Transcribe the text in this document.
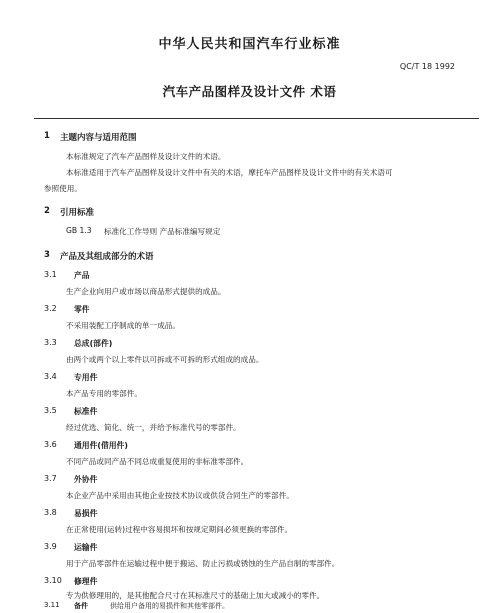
中华人民共和国汽车行业标准
QC/T 18 1992
汽车产品图样及设计文件 术语
1 主题内容与适用范围
本标准规定了汽车产品图样及设计文件的术语。
本标准适用于汽车产品图样及设计文件中有关的术语，摩托车产品图样及设计文件中的有关术语可
参照使用。
2 引用标准
GB 1.3 标准化工作导则 产品标准编写规定
3 产品及其组成部分的术语
3.1 产品
生产企业向用户或市场以商品形式提供的成品。
3.2 零件
不采用装配工序制成的单一成品。
3.3 总成(部件)
由两个或两个以上零件以可拆或不可拆的形式组成的成品。
3.4 专用件
本产品专用的零部件。
3.5 标准件
经过优选、简化、统一，并给予标准代号的零部件。
3.6 通用件(借用件)
不同产品或同产品不同总成重复使用的非标准零部件。
3.7 外协件
本企业产品中采用由其他企业按技术协议或供货合同生产的零部件。
3.8 易损件
在正常使用(运转)过程中容易损坏和按规定期间必须更换的零部件。
3.9 运输件
用于产品零部件在运输过程中便于搬运、防止污损或锈蚀的生产品自制的零部件。
3.10 修理件
专为供修理用的，是其他配合尺寸在其标准尺寸的基础上加大或减小的零件。
3.11 备件	供给用户备用的易损件和其他零部件。
